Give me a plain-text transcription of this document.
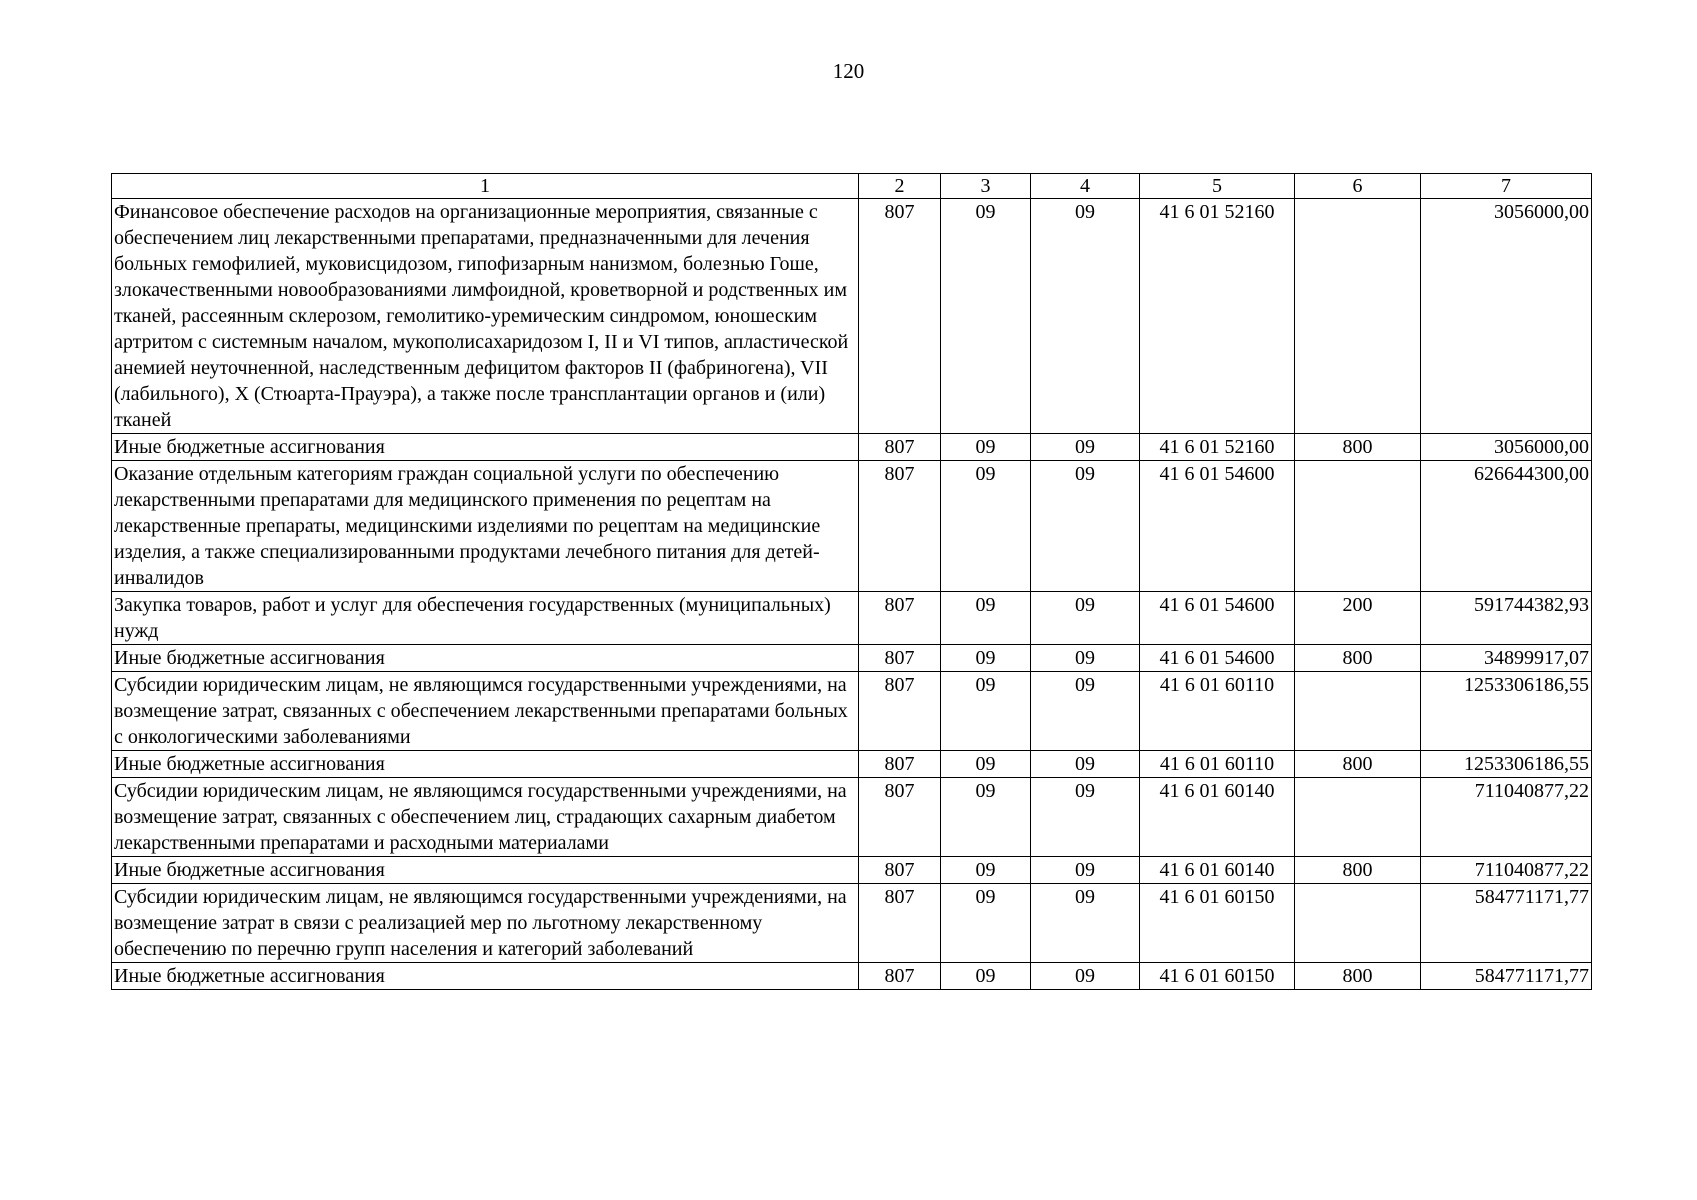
120
1	2	3	4	5	6	7
Финансовое обеспечение расходов на организационные мероприятия, связанные с обеспечением лиц лекарственными препаратами, предназначенными для лечения больных гемофилией, муковисцидозом, гипофизарным нанизмом, болезнью Гоше, злокачественными новообразованиями лимфоидной, кроветворной и родственных им тканей, рассеянным склерозом, гемолитико-уремическим синдромом, юношеским артритом с системным началом, мукополисахаридозом I, II и VI типов, апластической анемией неуточненной, наследственным дефицитом факторов II (фабриногена), VII (лабильного), X (Стюарта-Прауэра), а также после трансплантации органов и (или) тканей	807	09	09	41 6 01 52160		3056000,00
Иные бюджетные ассигнования	807	09	09	41 6 01 52160	800	3056000,00
Оказание отдельным категориям граждан социальной услуги по обеспечению лекарственными препаратами для медицинского применения по рецептам на лекарственные препараты, медицинскими изделиями по рецептам на медицинские изделия, а также специализированными продуктами лечебного питания для детей-инвалидов	807	09	09	41 6 01 54600		626644300,00
Закупка товаров, работ и услуг для обеспечения государственных (муниципальных) нужд	807	09	09	41 6 01 54600	200	591744382,93
Иные бюджетные ассигнования	807	09	09	41 6 01 54600	800	34899917,07
Субсидии юридическим лицам, не являющимся государственными учреждениями, на возмещение затрат, связанных с обеспечением лекарственными препаратами больных с онкологическими заболеваниями	807	09	09	41 6 01 60110		1253306186,55
Иные бюджетные ассигнования	807	09	09	41 6 01 60110	800	1253306186,55
Субсидии юридическим лицам, не являющимся государственными учреждениями, на возмещение затрат, связанных с обеспечением лиц, страдающих сахарным диабетом лекарственными препаратами и расходными материалами	807	09	09	41 6 01 60140		711040877,22
Иные бюджетные ассигнования	807	09	09	41 6 01 60140	800	711040877,22
Субсидии юридическим лицам, не являющимся государственными учреждениями, на возмещение затрат в связи с реализацией мер по льготному лекарственному обеспечению по перечню групп населения и категорий заболеваний	807	09	09	41 6 01 60150		584771171,77
Иные бюджетные ассигнования	807	09	09	41 6 01 60150	800	584771171,77
